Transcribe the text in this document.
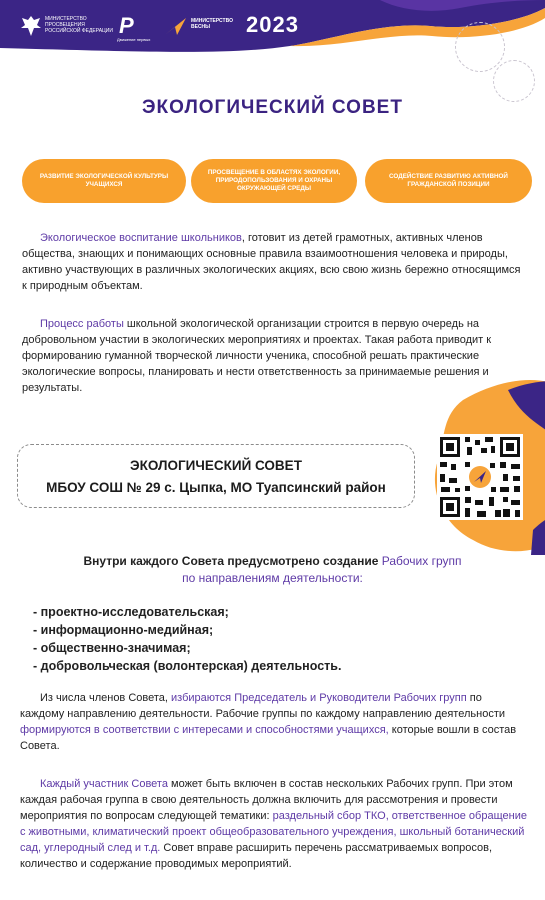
МИНИСТЕРСТВО ПРОСВЕЩЕНИЯ РОССИЙСКОЙ ФЕДЕРАЦИИ Р
Движение первых
МИНИСТЕРСТВО ВЕСНЫ	2023
ЭКОЛОГИЧЕСКИЙ СОВЕТ
РАЗВИТИЕ ЭКОЛОГИЧЕСКОЙ КУЛЬТУРЫ УЧАЩИХСЯ
ПРОСВЕЩЕНИЕ В ОБЛАСТЯХ ЭКОЛОГИИ, ПРИРОДОПОЛЬЗОВАНИЯ И ОХРАНЫ ОКРУЖАЮЩЕЙ СРЕДЫ
СОДЕЙСТВИЕ РАЗВИТИЮ АКТИВНОЙ ГРАЖДАНСКОЙ ПОЗИЦИИ
Экологическое воспитание школьников, готовит из детей грамотных, активных членов общества, знающих и понимающих основные правила взаимоотношения человека и природы, активно участвующих в различных экологических акциях, всю свою жизнь бережно относящимся к природным объектам.
Процесс работы школьной экологической организации строится в первую очередь на добровольном участии в экологических мероприятиях и проектах. Такая работа приводит к формированию гуманной творческой личности ученика, способной решать практические экологические вопросы, планировать и нести ответственность за принимаемые решения и результаты.
ЭКОЛОГИЧЕСКИЙ СОВЕТ
МБОУ СОШ № 29 с. Цыпка, МО Туапсинский район
Внутри каждого Совета предусмотрено создание Рабочих групп
по направлениям деятельности:
- проектно-исследовательская;
- информационно-медийная;
- общественно-значимая;
- добровольческая (волонтерская) деятельность.
Из числа членов Совета, избираются Председатель и Руководители Рабочих групп по каждому направлению деятельности. Рабочие группы по каждому направлению деятельности формируются в соответствии с интересами и способностями учащихся, которые вошли в состав Совета.
Каждый участник Совета может быть включен в состав нескольких Рабочих групп. При этом каждая рабочая группа в свою деятельность должна включить для рассмотрения и провести мероприятия по вопросам следующей тематики: раздельный сбор ТКО, ответственное обращение с животными, климатический проект общеобразовательного учреждения, школьный ботанический сад, углеродный след и т.д. Совет вправе расширить перечень рассматриваемых вопросов, количество и содержание проводимых мероприятий.
